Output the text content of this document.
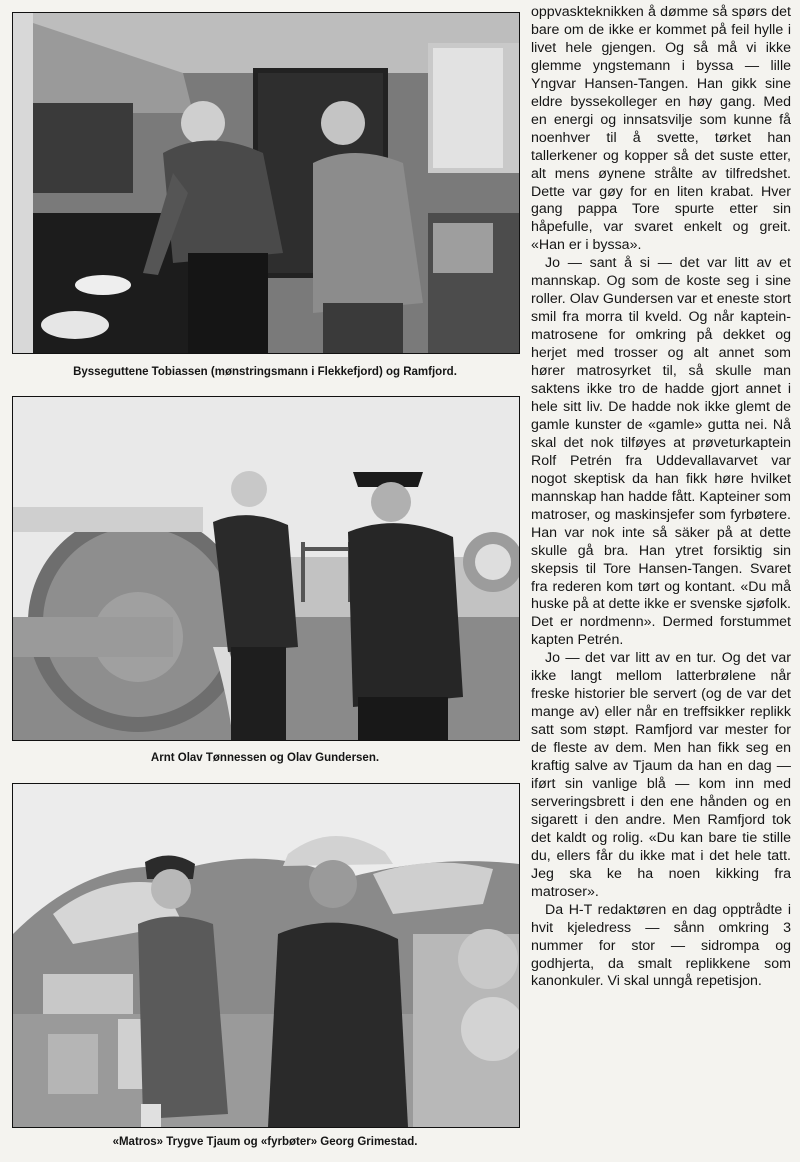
Bysseguttene Tobiassen (mønstringsmann i Flekkefjord) og Ramfjord.
Arnt Olav Tønnessen og Olav Gundersen.
«Matros» Trygve Tjaum og «fyrbøter» Georg Grimestad.

oppvaskteknikken å dømme så spørs det bare om de ikke er kommet på feil hylle i livet hele gjengen. Og så må vi ikke glemme yngstemann i byssa — lille Yngvar Hansen-Tangen. Han gikk sine eldre byssekolleger en høy gang. Med en energi og innsatsvilje som kunne få noenhver til å svette, tørket han tallerkener og kopper så det suste etter, alt mens øynene strålte av tilfredshet. Dette var gøy for en liten krabat. Hver gang pappa Tore spurte etter sin håpefulle, var svaret enkelt og greit. «Han er i byssa».

Jo — sant å si — det var litt av et mannskap. Og som de koste seg i sine roller. Olav Gundersen var et eneste stort smil fra morra til kveld. Og når kaptein-matrosene for omkring på dekket og herjet med trosser og alt annet som hører matrosyrket til, så skulle man saktens ikke tro de hadde gjort annet i hele sitt liv. De hadde nok ikke glemt de gamle kunster de «gamle» gutta nei. Nå skal det nok tilføyes at prøveturkaptein Rolf Petrén fra Uddevallavarvet var nogot skeptisk da han fikk høre hvilket mannskap han hadde fått. Kapteiner som matroser, og maskinsjefer som fyrbøtere. Han var nok inte så säker på at dette skulle gå bra. Han ytret forsiktig sin skepsis til Tore Hansen-Tangen. Svaret fra rederen kom tørt og kontant. «Du må huske på at dette ikke er svenske sjøfolk. Det er nordmenn». Dermed forstummet kapten Petrén.

Jo — det var litt av en tur. Og det var ikke langt mellom latterbrølene når freske historier ble servert (og de var det mange av) eller når en treffsikker replikk satt som støpt. Ramfjord var mester for de fleste av dem. Men han fikk seg en kraftig salve av Tjaum da han en dag — iført sin vanlige blå — kom inn med serveringsbrett i den ene hånden og en sigarett i den andre. Men Ramfjord tok det kaldt og rolig. «Du kan bare tie stille du, ellers får du ikke mat i det hele tatt. Jeg ska ke ha noen kikking fra matroser».

Da H-T redaktøren en dag opptrådte i hvit kjeledress — sånn omkring 3 nummer for stor — sidrompa og godhjerta, da smalt replikkene som kanonkuler. Vi skal unngå repetisjon.
